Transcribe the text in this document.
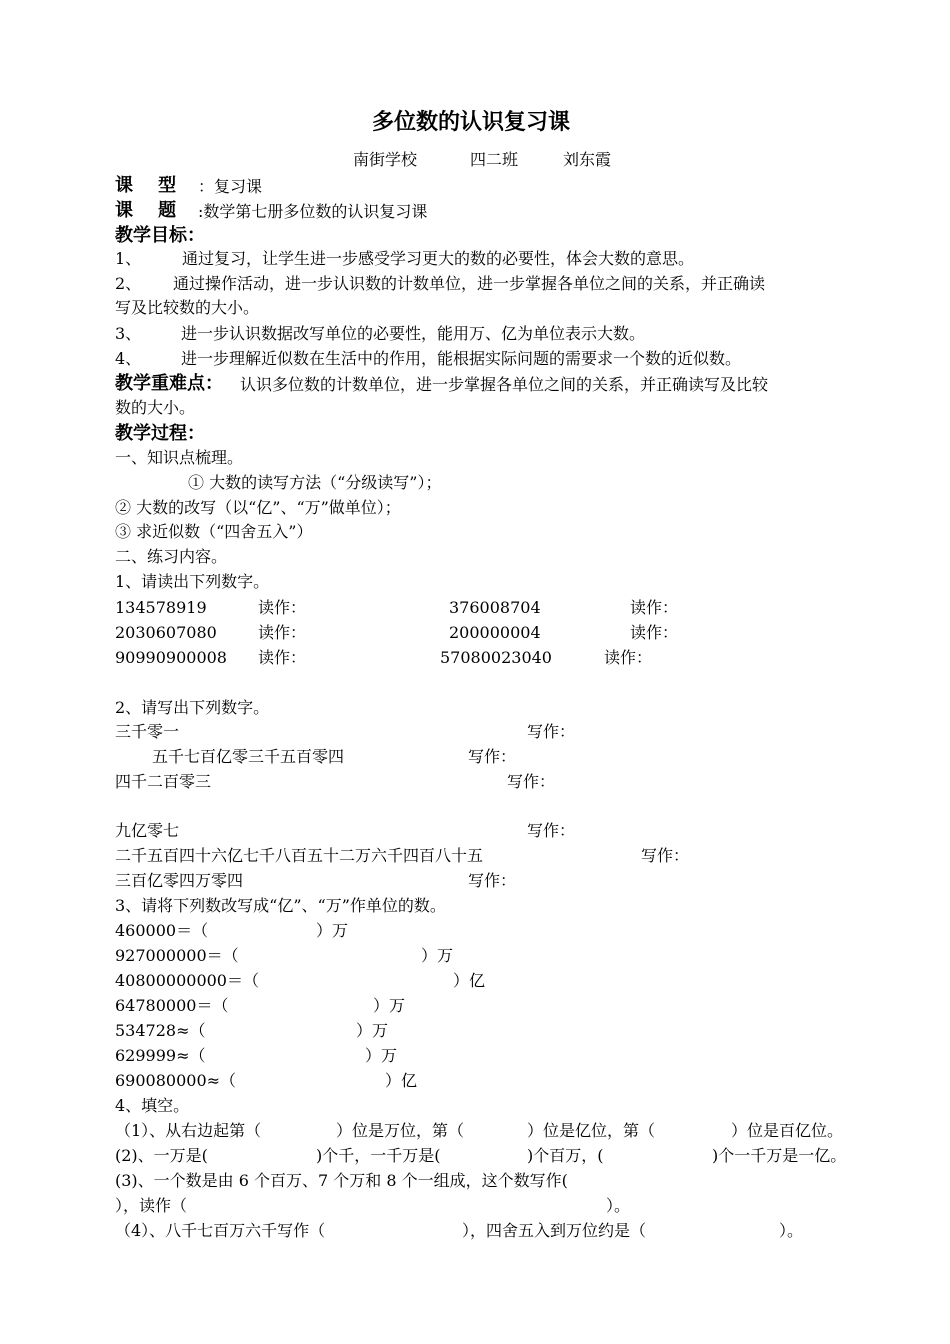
多位数的认识复习课
南街学校	四二班	刘东霞
课    型 ：复习课
课    题 :数学第七册多位数的认识复习课
教学目标：
1、	通过复习，让学生进一步感受学习更大的数的必要性，体会大数的意思。
2、 通过操作活动，进一步认识数的计数单位，进一步掌握各单位之间的关系，并正确读
写及比较数的大小。
3、 进一步认识数据改写单位的必要性，能用万、亿为单位表示大数。
4、 进一步理解近似数在生活中的作用，能根据实际问题的需要求一个数的近似数。
教学重难点： 认识多位数的计数单位，进一步掌握各单位之间的关系，并正确读写及比较
数的大小。
教学过程：
一、知识点梳理。
① 大数的读写方法（“分级读写”）；
② 大数的改写（以“亿”、“万”做单位）；
③ 求近似数（“四舍五入”）
二、练习内容。
1、请读出下列数字。
134578919	读作：	376008704	读作：
2030607080	读作：	200000004	读作：
90990900008 读作：	57080023040	读作：
2、请写出下列数字。
三千零一	写作：
五千七百亿零三千五百零四	写作：
四千二百零三	写作：
九亿零七	写作：
二千五百四十六亿七千八百五十二万六千四百八十五	写作：
三百亿零四万零四	写作：
3、请将下列数改写成“亿”、“万”作单位的数。
460000＝（	）万
927000000＝（	）万
40800000000＝（	）亿
64780000＝（	）万
534728≈（	）万
629999≈（	）万
690080000≈（	）亿
4、填空。
（1）、从右边起第（	）位是万位，第（	）位是亿位，第（	）位是百亿位。
(2)、一万是(	)个千，一千万是(	)个百万，(	)个一千万是一亿。
(3)、一个数是由 6 个百万、7 个万和 8 个一组成，这个数写作(
），读作（	）。
（4）、八千七百万六千写作（	），四舍五入到万位约是（	）。
